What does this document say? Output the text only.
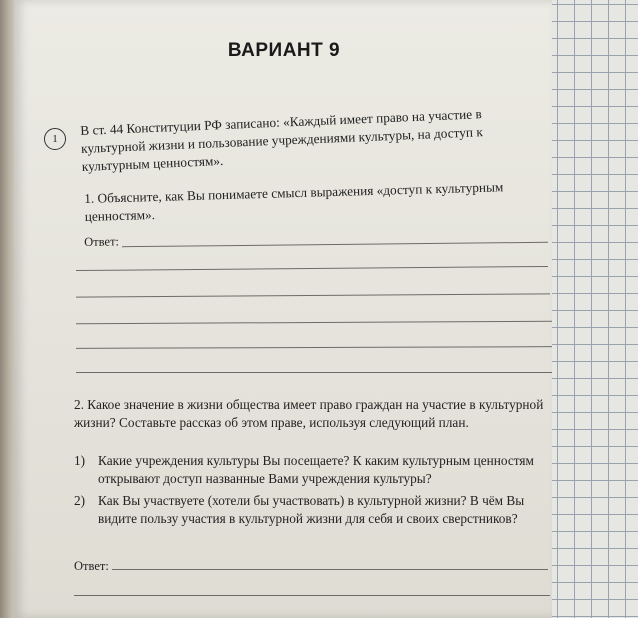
ВАРИАНТ 9
1
В ст. 44 Конституции РФ записано: «Каждый имеет право на участие в культурной жизни и пользование учреждениями культуры, на доступ к культурным ценностям».
1. Объясните, как Вы понимаете смысл выражения «доступ к культурным ценностям».
Ответ:
2. Какое значение в жизни общества имеет право граждан на участие в культурной жизни? Составьте рассказ об этом праве, используя следующий план.
1) Какие учреждения культуры Вы посещаете? К каким культурным ценностям открывают доступ названные Вами учреждения культуры?
2) Как Вы участвуете (хотели бы участвовать) в культурной жизни? В чём Вы видите пользу участия в культурной жизни для себя и своих сверстников?
Ответ:
